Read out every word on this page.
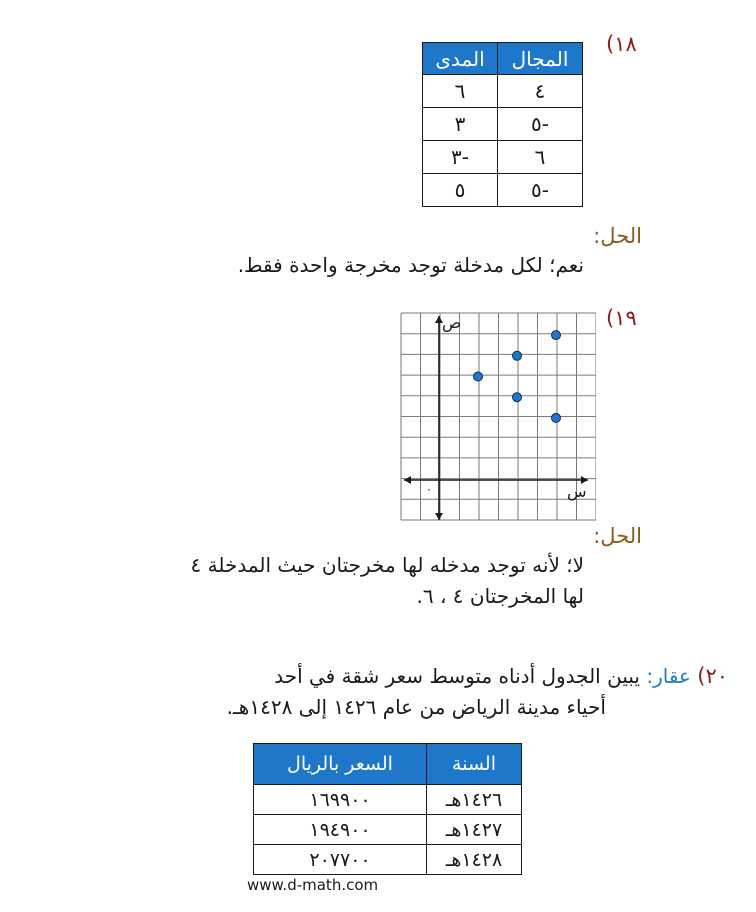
١٨)
المجال	المدى
٤	٦
-٥	٣
٦	-٣
-٥	٥
الحل:
نعم؛ لكل مدخلة توجد مخرجة واحدة فقط.
١٩)
ص
س
٠
الحل:
لا؛ لأنه توجد مدخله لها مخرجتان حيث المدخلة ٤
لها المخرجتان ٤ ، ٦.
٢٠) عقار: يبين الجدول أدناه متوسط سعر شقة في أحد
أحياء مدينة الرياض من عام ١٤٢٦ إلى ١٤٢٨هـ.
السنة	السعر بالريال
١٤٢٦هـ	١٦٩٩٠٠
١٤٢٧هـ	١٩٤٩٠٠
١٤٢٨هـ	٢٠٧٧٠٠
www.d-math.com
